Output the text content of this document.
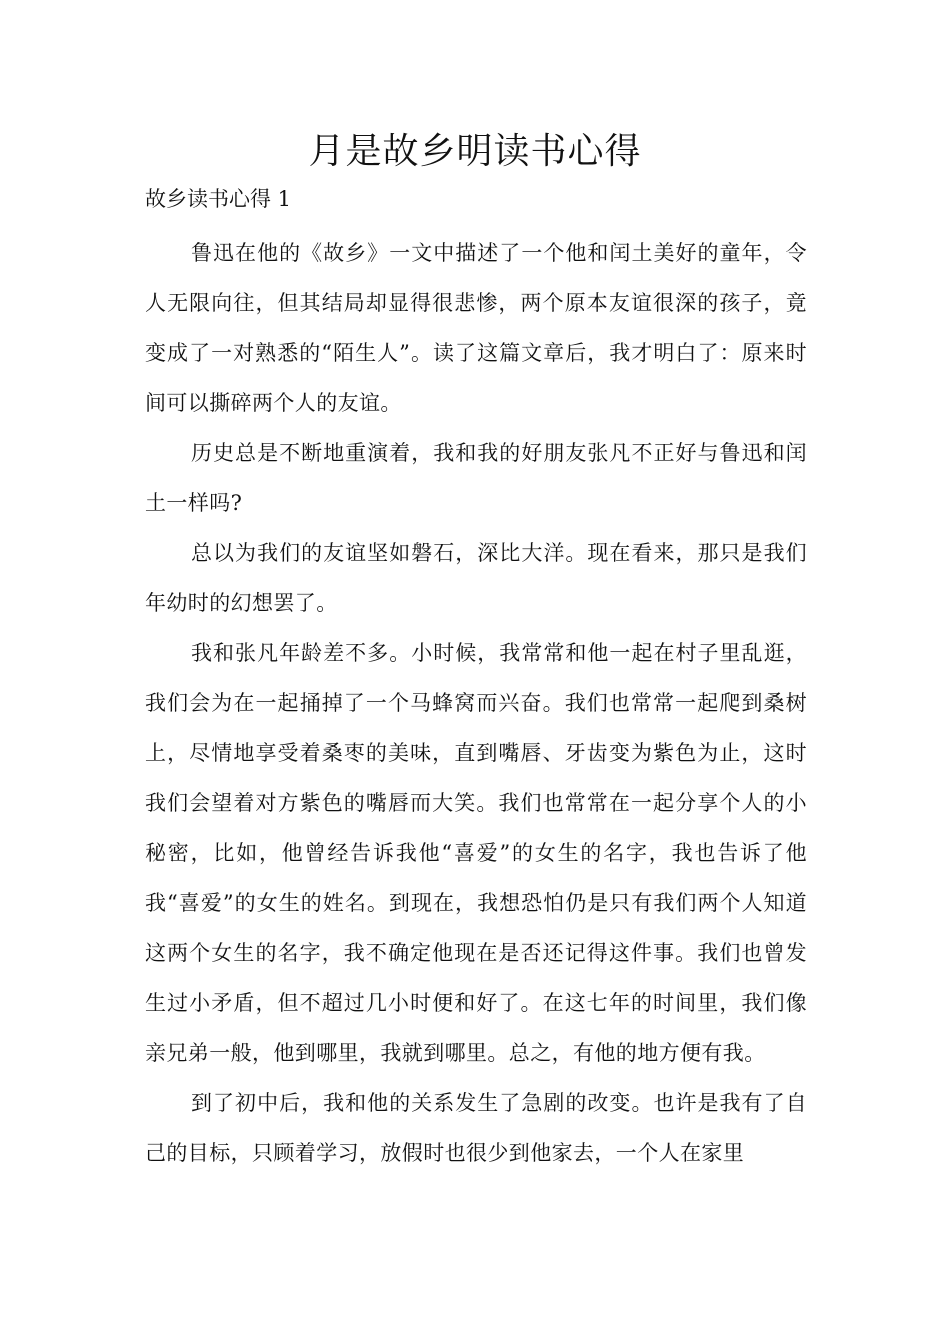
月是故乡明读书心得

故乡读书心得 1

鲁迅在他的《故乡》一文中描述了一个他和闰土美好的童年，令人无限向往，但其结局却显得很悲惨，两个原本友谊很深的孩子，竟变成了一对熟悉的“陌生人”。读了这篇文章后，我才明白了：原来时间可以撕碎两个人的友谊。

历史总是不断地重演着，我和我的好朋友张凡不正好与鲁迅和闰土一样吗?

总以为我们的友谊坚如磐石，深比大洋。现在看来，那只是我们年幼时的幻想罢了。

我和张凡年龄差不多。小时候，我常常和他一起在村子里乱逛，我们会为在一起捅掉了一个马蜂窝而兴奋。我们也常常一起爬到桑树上，尽情地享受着桑枣的美味，直到嘴唇、牙齿变为紫色为止，这时我们会望着对方紫色的嘴唇而大笑。我们也常常在一起分享个人的小秘密，比如，他曾经告诉我他“喜爱”的女生的名字，我也告诉了他我“喜爱”的女生的姓名。到现在，我想恐怕仍是只有我们两个人知道这两个女生的名字，我不确定他现在是否还记得这件事。我们也曾发生过小矛盾，但不超过几小时便和好了。在这七年的时间里，我们像亲兄弟一般，他到哪里，我就到哪里。总之，有他的地方便有我。

到了初中后，我和他的关系发生了急剧的改变。也许是我有了自己的目标，只顾着学习，放假时也很少到他家去，一个人在家里
